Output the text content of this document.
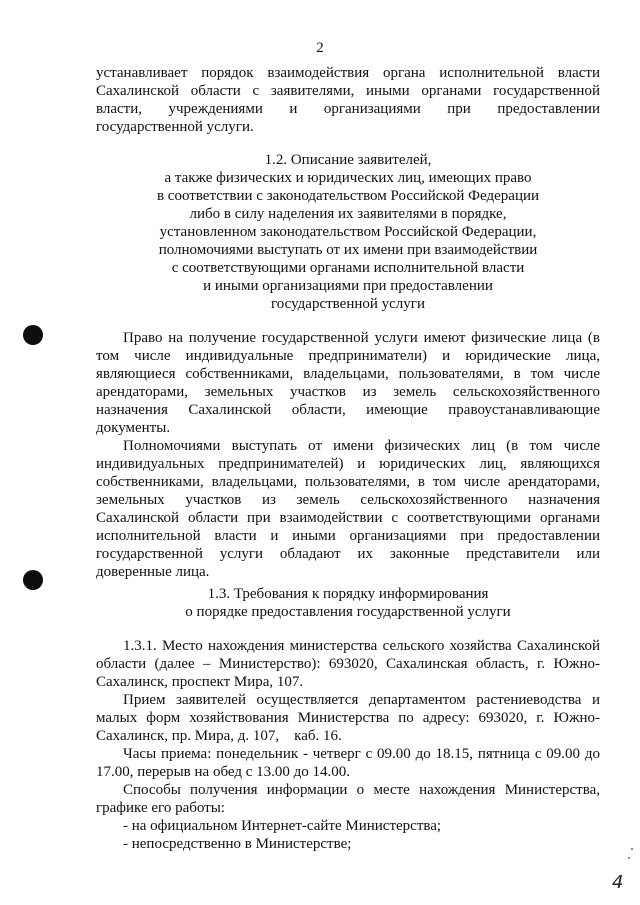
2
устанавливает порядок взаимодействия органа исполнительной власти
Сахалинской области с заявителями, иными органами государственной
власти, учреждениями и организациями при предоставлении
государственной услуги.
1.2. Описание заявителей,
а также физических и юридических лиц, имеющих право
в соответствии с законодательством Российской Федерации
либо в силу наделения их заявителями в порядке,
установленном законодательством Российской Федерации,
полномочиями выступать от их имени при взаимодействии
с соответствующими органами исполнительной власти
и иными организациями при предоставлении
государственной услуги
Право на получение государственной услуги имеют физические лица (в
том числе индивидуальные предприниматели) и юридические лица,
являющиеся собственниками, владельцами, пользователями, в том числе
арендаторами, земельных участков из земель сельскохозяйственного
назначения Сахалинской области, имеющие правоустанавливающие
документы.
Полномочиями выступать от имени физических лиц (в том числе
индивидуальных предпринимателей) и юридических лиц, являющихся
собственниками, владельцами, пользователями, в том числе арендаторами,
земельных участков из земель сельскохозяйственного назначения
Сахалинской области при взаимодействии с соответствующими органами
исполнительной власти и иными организациями при предоставлении
государственной услуги обладают их законные представители или
доверенные лица.
1.3. Требования к порядку информирования
о порядке предоставления государственной услуги
1.3.1. Место нахождения министерства сельского хозяйства Сахалинской
области (далее – Министерство): 693020, Сахалинская область, г. Южно-
Сахалинск, проспект Мира, 107.
Прием заявителей осуществляется департаментом растениеводства и
малых форм хозяйствования Министерства по адресу: 693020, г. Южно-
Сахалинск, пр. Мира, д. 107,    каб. 16.
Часы приема: понедельник - четверг с 09.00 до 18.15, пятница с 09.00 до
17.00, перерыв на обед с 13.00 до 14.00.
Способы получения информации о месте нахождения Министерства,
графике его работы:
- на официальном Интернет-сайте Министерства;
- непосредственно в Министерстве;
4
